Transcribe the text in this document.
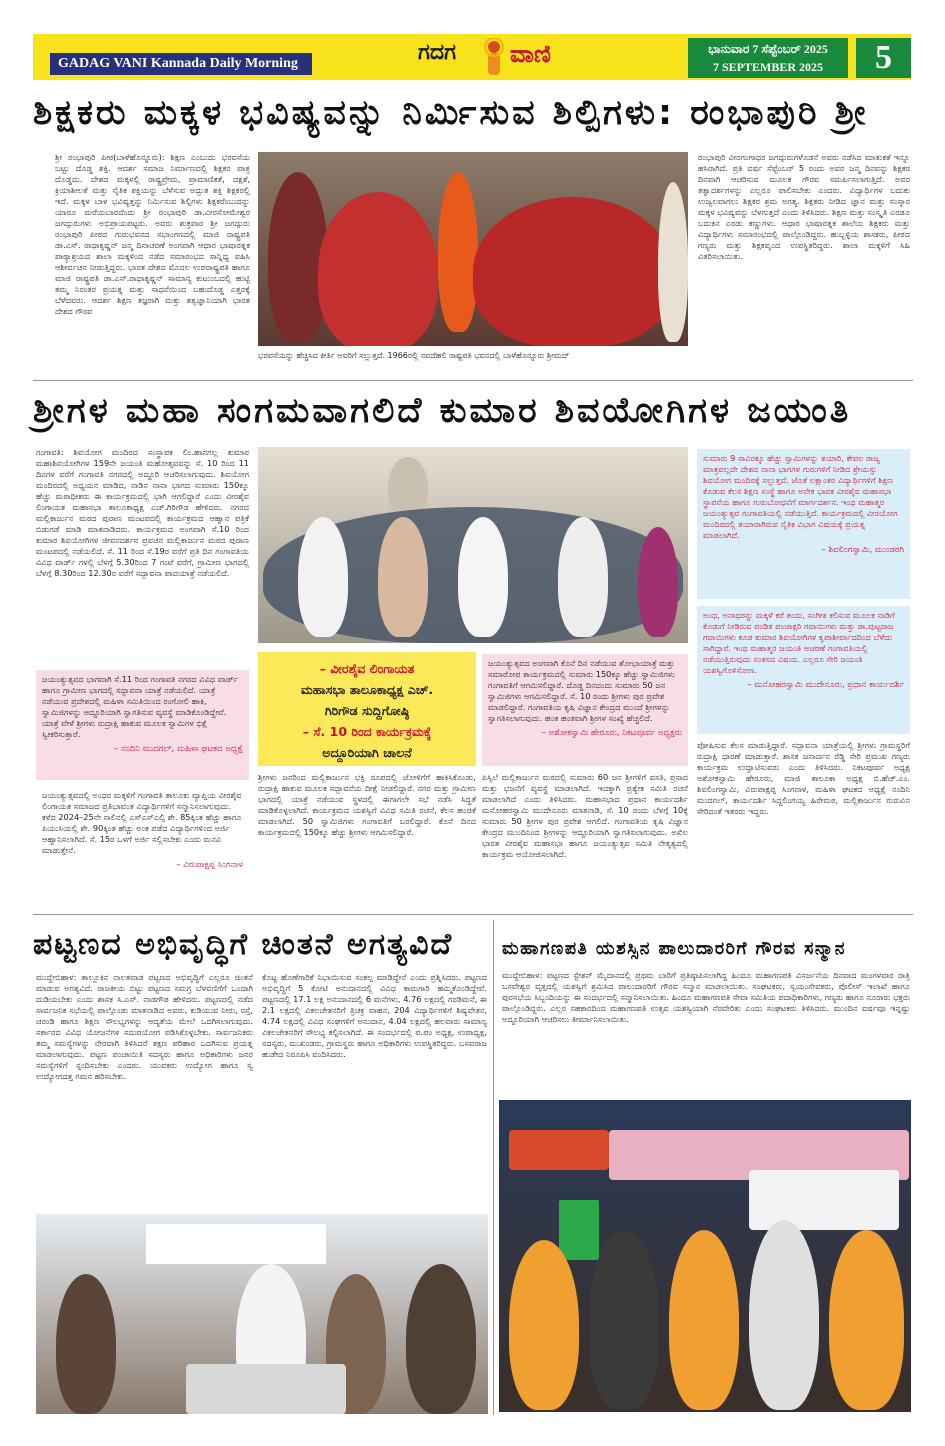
GADAG VANI Kannada Daily Morning	ಗದಗ ವಾಣಿ	ಭಾನುವಾರ 7 ಸೆಪ್ಟೆಂಬರ್ 2025
7 SEPTEMBER 2025	5
ಶಿಕ್ಷಕರು ಮಕ್ಕಳ ಭವಿಷ್ಯವನ್ನು ನಿರ್ಮಿಸುವ ಶಿಲ್ಪಿಗಳು: ರಂಭಾಪುರಿ ಶ್ರೀ
ಶ್ರೀ ರಂಭಾಪುರಿ ಪೀಠ(ಬಾಳೆಹೊನ್ನೂರು): ಶಿಕ್ಷಣ ಎಂಬುದು ಭರವಸೆಯ ಬಟ್ಟು ದೊಡ್ಡ ಶಕ್ತಿ. ಆದರ್ಶ ಸಮಾಜ ನಿರ್ಮಾಣದಲ್ಲಿ ಶಿಕ್ಷಕರ ಪಾತ್ರ ದೊಡ್ಡದು. ದೇಶದ ಮಕ್ಕಳಲ್ಲಿ ರಾಷ್ಟ್ರಪ್ರೇಮ, ಪ್ರಾಮಾಣಿಕತೆ, ದಕ್ಷತೆ, ಕ್ರಿಯಾಶೀಲತೆ ಮತ್ತು ನೈತಿಕ ಶಕ್ತಿಯನ್ನು ಬೆಳೆಸುವ ಅದ್ಭುತ ಶಕ್ತಿ ಶಿಕ್ಷಕರಲ್ಲಿ ಇದೆ. ಮಕ್ಕಳ ಬಾಳ ಭವಿಷ್ಯತ್ತನ್ನು ನಿರ್ಮಿಸುವ ಶಿಲ್ಪಿಗಳು ಶಿಕ್ಷಕರೆಂಬುದನ್ನು ಯಾರೂ ಮರೆಯಬಾರದೆಂದು ಶ್ರೀ ರಂಭಾಪುರಿ ಡಾ.ವೀರಸೋಮೇಶ್ವರ ಜಗದ್ಗುರುಗಳು ಅಭಿಪ್ರಾಯಪಟ್ಟರು. ಅವರು ಶುಕ್ರವಾರ ಶ್ರೀ ಜಗದ್ಗುರು ರಂಭಾಪುರಿ ಪೀಠದ ಗುರುಭವನದ ಸಭಾಂಗಣದಲ್ಲಿ ಮಾಜಿ ರಾಷ್ಟ್ರಪತಿ ಡಾ.ಎಸ್. ರಾಧಾಕೃಷ್ಣನ್ ಜನ್ಮ ದಿನಾಚರಣೆ ಅಂಗವಾಗಿ ಆಧಾರ ಭಾಷಾರತ್ನಕ ಪಾಠ್ಯಾಶ್ರಯದ ಶಾಲಾ ಮಕ್ಕಳಿಂದ ನಡೆದ ಸಮಾರಂಭದ ಸಾನ್ನಿಧ್ಯ ವಹಿಸಿ ಆಶೀರ್ವಚನ ನೀಡುತ್ತಿದ್ದರು. ಭಾರತ ದೇಶದ ಮೊದಲ ಉಪರಾಷ್ಟ್ರಪತಿ ಹಾಗೂ ಮಾಜಿ ರಾಷ್ಟ್ರಪತಿ ಡಾ.ಎಸ್.ರಾಧಾಕೃಷ್ಣನ್ ಸಾಮಾನ್ಯ ಕುಟುಂಬದಲ್ಲಿ ಹುಟ್ಟಿ ತಮ್ಮ ನಿರಂತರ ಪ್ರಯತ್ನ ಮತ್ತು ಸಾಧನೆಯಿಂದ ಬಹುದೊಡ್ಡ ಎತ್ತರಕ್ಕೆ ಬೆಳೆದವರು. ಆದರ್ಶ ಶಿಕ್ಷಣ ತಜ್ಞರಾಗಿ ಮತ್ತು ತತ್ವಜ್ಞಾನಿಯಾಗಿ ಭಾರತ ದೇಶದ ಗೌರವ
ಭರವಸೆಯನ್ನು ಹೆಚ್ಚಿಸಿದ ಕೀರ್ತಿ ಅವರಿಗೆ ಸಲ್ಲುತ್ತದೆ. 1966ರಲ್ಲಿ ನವದೆಹಲಿ ರಾಷ್ಟ್ರಪತಿ ಭವನದಲ್ಲಿ ಬಾಳೆಹೊನ್ನೂರು ಶ್ರೀಮದ್
ರಂಭಾಪುರಿ ವೀರಗಂಗಾಧರ ಜಗದ್ಗುರುಗಳೊಡನೆ ಅವರು ನಡೆಸಿದ ಮಾತುಕತೆ ಇನ್ನೂ ಹಸಿರಾಗಿದೆ. ಪ್ರತಿ ವರ್ಷ ಸೆಪ್ಟೆಂಬರ್ 5 ರಂದು ಅವರ ಜನ್ಮ ದಿನವನ್ನು ಶಿಕ್ಷಕರ ದಿನವಾಗಿ ಆಚರಿಸುವ ಮೂಲಕ ಗೌರವ ಸಮರ್ಪಿಸಲಾಗುತ್ತಿದೆ. ಅವರ ತತ್ವಾದರ್ಶಗಳನ್ನು ಎಲ್ಲರೂ ಪಾಲಿಸಬೇಕು ಎಂದರು. ವಿದ್ಯಾರ್ಥಿಗಳ ಬದುಕು ಉಜ್ವಲವಾಗಲು ಶಿಕ್ಷಕರ ಶ್ರಮ ಅಗತ್ಯ. ಶಿಕ್ಷಕರು ನೀಡಿದ ಜ್ಞಾನ ಮತ್ತು ಸಂಸ್ಕಾರ ಮಕ್ಕಳ ಭವಿಷ್ಯವನ್ನು ಬೆಳಗುತ್ತದೆ ಎಂದು ತಿಳಿಸಿದರು. ಶಿಕ್ಷಣ ಮತ್ತು ಸಂಸ್ಕೃತಿ ಎರಡೂ ಬದುಕಿನ ಎರಡು ಕಣ್ಣುಗಳು. ಆಧಾರ ಭಾಷಾರತ್ನಕ ಶಾಲೆಯ ಶಿಕ್ಷಕರು ಮತ್ತು ವಿದ್ಯಾರ್ಥಿಗಳು ಸಮಾರಂಭದಲ್ಲಿ ಪಾಲ್ಗೊಂಡಿದ್ದರು. ಹುಬ್ಬಳ್ಳಿಯ ಶಾಸಕರು, ಪೀಠದ ಗಣ್ಯರು ಮತ್ತು ಶಿಕ್ಷಕವೃಂದ ಉಪಸ್ಥಿತರಿದ್ದರು. ಶಾಲಾ ಮಕ್ಕಳಿಗೆ ಸಿಹಿ ವಿತರಿಸಲಾಯಿತು.
ಶ್ರೀಗಳ ಮಹಾ ಸಂಗಮವಾಗಲಿದೆ ಕುಮಾರ ಶಿವಯೋಗಿಗಳ ಜಯಂತಿ
ಗಂಗಾವತಿ: ಶಿವಯೋಗ ಮಂದಿರದ ಸಂಸ್ಥಾಪಕ ಲಿಂ.ಹಾನಗಲ್ಲ ಕುಮಾರ ಮಹಾಶಿವಯೋಗಿಗಳ 159ನೇ ಜಯಂತಿ ಮಹೋತ್ಸವವನ್ನು ಸೆ. 10 ರಿಂದ 11 ದಿನಗಳ ವರೆಗೆ ಗಂಗಾವತಿ ನಗರದಲ್ಲಿ ಅದ್ದೂರಿ ಆಚರಿಸಲಾಗುವುದು. ಶಿವಯೋಗ ಮಂದಿರದಲ್ಲಿ ಅಧ್ಯಯನ ಮಾಡಿದ, ನಾಡಿನ ನಾನಾ ಭಾಗದ ಸುಮಾರು 150ಕ್ಕೂ ಹೆಚ್ಚು ಮಠಾಧೀಶರು ಈ ಕಾರ್ಯಕ್ರಮದಲ್ಲಿ ಭಾಗಿ ಆಗಲಿದ್ದಾರೆ ಎಂದು ವೀರಶೈವ ಲಿಂಗಾಯತ ಮಹಾಸಭಾ ತಾಲೂಕಾಧ್ಯಕ್ಷ ಎಚ್.ಗಿರಿಗೌಡ ಹೇಳಿದರು. ನಗರದ ಮಲ್ಲಿಕಾರ್ಜುನ ಮಠದ ಪುರಾಣ ಮಂಟಪದಲ್ಲಿ ಕಾರ್ಯಕ್ರಮದ ಆಹ್ವಾನ ಪತ್ರಿಕೆ ಬಿಡುಗಡೆ ಮಾಡಿ ಮಾತನಾಡಿದರು. ಕಾರ್ಯಕ್ರಮದ ಅಂಗವಾಗಿ ಸೆ.10 ರಿಂದ ಕುಮಾರ ಶಿವಯೋಗಿಗಳ ಜೀವನದರ್ಶನ ಪ್ರವಚನ ಮಲ್ಲಿಕಾರ್ಜುನ ಮಠದ ಪುರಾಣ ಮಂಟಪದಲ್ಲಿ ನಡೆಯಲಿದೆ. ಸೆ. 11 ರಿಂದ ಸೆ.19ರ ವರೆಗೆ ಪ್ರತಿ ದಿನ ಗಂಗಾವತಿಯ ವಿವಿಧ ವಾರ್ಡ್ ಗಳಲ್ಲಿ ಬೆಳಗ್ಗೆ 5.30ರಿಂದ 7 ಗಂಟೆ ವರೆಗೆ, ಗ್ರಾಮೀಣ ಭಾಗದಲ್ಲಿ ಬೆಳಗ್ಗೆ 8.30ರಿಂದ 12.30ರ ವರೆಗೆ ಸದ್ಭಾವನಾ ಪಾದಯಾತ್ರೆ ನಡೆಯಲಿದೆ.
ಸುಮಾರು 9 ಸಾವಿರಕ್ಕೂ ಹೆಚ್ಚು ಸ್ವಾಮಿಗಳನ್ನು ತಯಾರಿ, ಕೇವಲ ರಾಜ್ಯ ಮಾತ್ರವಲ್ಲದೇ ದೇಶದ ನಾನಾ ಭಾಗಗಳ ಗುರುಗಳಿಗೆ ನೀಡಿದ ಶ್ರೇಯಸ್ಸು ಶಿವಯೋಗ ಮಂದಿರಕ್ಕೆ ಸಲ್ಲುತ್ತದೆ. ಜೊತೆ ಲಕ್ಷಾಂತರ ವಿದ್ಯಾರ್ಥಿಗಳಿಗೆ ಶಿಕ್ಷಣ ಕೊಡುವ ಕೆಲಸ ಶಿಕ್ಷಣ ಸಂಸ್ಥೆ ಹಾಗೂ ಅನೇಕ ಭಾರತ ವೀರಶೈವ ಮಹಾಸಭಾ ಸ್ಥಾಪನೆಯ ಹಾಗೂ ಗುರುಬೋಧನೆಗೆ ಮಾರ್ಗದರ್ಶನ. ಇಂಥ ಮಹಾತ್ಮರ ಜಯಂತ್ಯುತ್ಸವ ಗಂಗಾವತಿಯಲ್ಲಿ ನಡೆಯುತ್ತಿದೆ. ಕಾರ್ಯಕ್ರಮದಲ್ಲಿ ವೀರಯೋಗ ಮಂದಿರದಲ್ಲಿ ತಯಾರಾಗಿರುವ ನೈತಿಕ ವಿಭಾಗ ವಿಷಯಕ್ಕೆ ಪ್ರಯತ್ನ ಮಾಡಲಾಗಿದೆ.
– ಶಿವಲಿಂಗಸ್ವಾಮಿ, ಮುಂಡರಗಿ
ಅಂಧ, ಅನಾಥರನ್ನು ಮಕ್ಕಳೆ ಕರೆ ತಂದು, ಸಂಗೀತ ಕಲಿಸುವ ಮೂಲಕ ನಾಡಿಗೆ ಕೊಡುಗೆ ನೀಡಿರುವ ಪಂಡಿತ ಪಂಚಾಕ್ಷರಿ ಗವಾಯಿಗಳು ಮತ್ತು ಡಾ.ಪುಟ್ಟರಾಜ ಗವಾಯಿಗಳು ಕೂಡ ಕುಮಾರ ಶಿವಯೋಗಿಗಳ ಕೃಪಾಶೀರ್ವಾದದಿಂದ ಬೆಳೆದು ಸಾಗಿದ್ದಾರೆ. ಇಂಥ ಮಹಾತ್ಮರ ಜಯಂತಿ ಆಚರಣೆ ಗಂಗಾವತಿಯಲ್ಲಿ ನಡೆಯುತ್ತಿರುವುದು ಸಂತಸದ ವಿಷಯ. ಎಲ್ಲರೂ ಸೇರಿ ಜಯಂತಿ ಯಶಸ್ವಿಗೊಳಿಸೋಣ.
– ಮನೋಹರಸ್ವಾಮಿ ಮುದೇನೂರು, ಪ್ರಧಾನ ಕಾರ್ಯದರ್ಶಿ
ಜಯಂತ್ಯುತ್ಸವದ ಭಾಗವಾಗಿ ಸೆ.11 ರಿಂದ ಗಂಗಾವತಿ ನಗರದ ವಿವಿಧ ವಾರ್ಡ್ ಹಾಗೂ ಗ್ರಾಮೀಣ ಭಾಗದಲ್ಲಿ ಸದ್ಭಾವನಾ ಯಾತ್ರೆ ನಡೆಯಲಿದೆ. ಯಾತ್ರೆ ನಡೆಯುವ ಪ್ರದೇಶದಲ್ಲಿ ಮಹಿಳಾ ಸಮಿತಿಯಿಂದ ರಂಗೋಲಿ ಹಾಕಿ, ಸ್ವಾಮಿಜಿಗಳನ್ನು ಆದ್ದೂರಿಯಾಗಿ ಸ್ವಾಗತಿಸುವ ವ್ಯವಸ್ಥೆ ಮಾಡಿಕೊಂಡಿದ್ದೇವೆ. ಯಾತ್ರೆ ವೇಳೆ ಶ್ರೀಗಳು ರುದ್ರಾಕ್ಷಿ ಹಾಕುವ ಮೂಲಕ ಸ್ವಾಮಿಗಳ ಭಿಕ್ಷೆ ಸ್ವೀಕರಿಸುತ್ತಾರೆ.
– ನಂದಿನಿ ಮುದಗಲ್, ಮಹಿಳಾ ಘಟಕದ ಅಧ್ಯಕ್ಷೆ
ಜಯಂತ್ಯುತ್ಸವದಲ್ಲಿ ಅಂಧರ ಮಕ್ಕಳಿಗೆ ಗಂಗಾವತಿ ತಾಲೂಕು ವ್ಯಾಪ್ತಿಯ ವೀರಶೈವ ಲಿಂಗಾಯತ ಸಮಾಜದ ಪ್ರತಿಭಾವಂತ ವಿದ್ಯಾರ್ಥಿಗಳಿಗೆ ಸನ್ಮಾನಿಸಲಾಗುವುದು. ಕಳೆದ 2024–25ನೇ ಸಾಲಿನಲ್ಲಿ ಎಸ್ಎಸ್ಎಲ್ಸಿ ಶೇ. 85ಕ್ಕಿಂತ ಹೆಚ್ಚು ಹಾಗೂ ಪಿಯುಸಿಯಲ್ಲಿ ಶೇ. 90ಕ್ಕಿಂತ ಹೆಚ್ಚು ಅಂಕ ಪಡೆದ ವಿದ್ಯಾರ್ಥಿಗಳಿಂದ ಅರ್ಜಿ ಆಹ್ವಾನಿಸಲಾಗಿದೆ. ಸೆ. 15ರ ಒಳಗೆ ಅರ್ಜಿ ಸಲ್ಲಿಸಬೇಕು ಎಂದು ಮನವಿ ಮಾಡುತ್ತೇನೆ.
– ವಿರುಪಾಕ್ಷಪ್ಪ ಸಿಂಗನಾಳ
– ವೀರಶೈವ ಲಿಂಗಾಯತ
ಮಹಾಸಭಾ ತಾಲೂಕಾಧ್ಯಕ್ಷ ಎಚ್.
ಗಿರಿಗೌಡ ಸುದ್ದಿಗೋಷ್ಠಿ
– ಸೆ. 10 ರಿಂದ ಕಾರ್ಯಕ್ರಮಕ್ಕೆ
ಅದ್ದೂರಿಯಾಗಿ ಚಾಲನೆ
ಜಯಂತ್ಯುತ್ಸವದ ಅಂಗವಾಗಿ ಕೊನೆ ದಿನ ನಡೆಯುವ ಶೋಭಾಯಾತ್ರೆ ಮತ್ತು ಸಮಾರೋಪ ಕಾರ್ಯಕ್ರಮದಲ್ಲಿ ಸುಮಾರು 150ಕ್ಕೂ ಹೆಚ್ಚು ಸ್ವಾಮಿಜಿಗಳು ಗಂಗಾವತಿಗೆ ಆಗಮಿಸಲಿದ್ದಾರೆ. ದೊಡ್ಡ ದಿನದಂದು ಸುಮಾರು 50 ಜನ ಸ್ವಾಮಿಜಿಗಳು ಆಗಮಿಸಲಿದ್ದಾರೆ. ಸೆ. 10 ರಂದು ಶ್ರೀಗಳು ಪುರ ಪ್ರವೇಶ ಮಾಡಲಿದ್ದಾರೆ. ಗಂಗಾವತಿಯ ಕೃಷಿ ವಿಜ್ಞಾನ ಕೇಂದ್ರದ ಮುಂದೆ ಶ್ರೀಗಳನ್ನು ಸ್ವಾಗತಿಸಲಾಗುವುದು. ಹಂತ ಹಂತವಾಗಿ ಶ್ರೀಗಳ ಸಂಖ್ಯೆ ಹೆಚ್ಚಲಿದೆ.
– ಅಶೋಕಸ್ವಾಮಿ ಹೇರೂರು, ನಿಕಟಪೂರ್ವ ಅಧ್ಯಕ್ಷರು
ಶ್ರೀಗಳು ಜನರಿಂದ ಮಲ್ಲಿಕಾರ್ಜುನ ಭಕ್ತಿ ರೂಪದಲ್ಲಿ ಜೋಳಿಗೆಗೆ ಹಾಕಿಸಿಕೊಂಡು, ರುದ್ರಾಕ್ಷಿ ಹಾಕುವ ಮೂಲಕ ಸದ್ಭಾವನೆಯ ದೀಕ್ಷೆ ನೀಡಲಿದ್ದಾರೆ. ನಗರ ಮತ್ತು ಗ್ರಾಮೀಣ ಭಾಗದಲ್ಲಿ ಯಾತ್ರೆ ನಡೆಯುವ ಸ್ಥಳದಲ್ಲಿ ಈಗಾಗಲೇ ಸಭೆ ನಡೆಸಿ ಸಿದ್ಧತೆ ಮಾಡಿಕೊಳ್ಳಲಾಗಿದೆ. ಕಾರ್ಯಕ್ರಮದ ಯಶಸ್ವಿಗೆ ವಿವಿಧ ಸಮಿತಿ ರಚನೆ, ಕೆಲಸ ಹಂಚಿಕೆ ಮಾಡಲಾಗಿದೆ. 50 ಸ್ವಾಮಿಜಿಗಳು ಗಂಗಾವತಿಗೆ ಬರಲಿದ್ದಾರೆ. ಕೊನೆ ದಿನದ ಕಾರ್ಯಕ್ರಮದಲ್ಲಿ 150ಕ್ಕೂ ಹೆಚ್ಚು ಶ್ರೀಗಳು ಆಗಮಿಸಲಿದ್ದಾರೆ.
ಪಿಸ್ಸಿಲೆ ಮಲ್ಲಿಕಾರ್ಜುನ ಮಠದಲ್ಲಿ ಸುಮಾರು 60 ಜನ ಶ್ರೀಗಳಿಗೆ ವಸತಿ, ಪ್ರಸಾದ ಮತ್ತು ಭಜನೆಗೆ ವ್ಯವಸ್ಥೆ ಮಾಡಲಾಗಿದೆ. ಇದಕ್ಕಾಗಿ ಪ್ರತ್ಯೇಕ ಸಮಿತಿ ರಚನೆ ಮಾಡಲಾಗಿದೆ ಎಂದು ತಿಳಿಸಿದರು. ಮಹಾಸಭಾದ ಪ್ರಧಾನ ಕಾರ್ಯದರ್ಶಿ ಮನೋಹರಸ್ವಾಮಿ ಮುದೇನೂರು ಮಾತನಾಡಿ, ಸೆ. 10 ರಂದು ಬೆಳಗ್ಗೆ 10ಕ್ಕೆ ಸುಮಾರು 50 ಶ್ರೀಗಳ ಪುರ ಪ್ರವೇಶ ಆಗಲಿದೆ. ಗಂಗಾವತಿಯ ಕೃಷಿ ವಿಜ್ಞಾನ ಕೇಂದ್ರದ ಮುಂದಿನಿಂದ ಶ್ರೀಗಳನ್ನು ಆದ್ದೂರಿಯಾಗಿ ಸ್ವಾಗತಿಸಲಾಗುವುದು. ಅಖಿಲ ಭಾರತ ವೀರಶೈವ ಮಹಾಸಭಾ ಹಾಗೂ ಜಯಂತ್ಯುತ್ಸವ ಸಮಿತಿ ನೇತೃತ್ವದಲ್ಲಿ ಕಾರ್ಯಕ್ರಮ ಆಯೋಜಿಸಲಾಗಿದೆ.
ಪೋಷಿಸುವ ಕೆಲಸ ಮಾಡುತ್ತಿದ್ದಾರೆ. ಸದ್ಭಾವನಾ ಯಾತ್ರೆಯಲ್ಲಿ ಶ್ರೀಗಳು ಗ್ರಾಮಸ್ಥರಿಗೆ ರುದ್ರಾಕ್ಷಿ ಧಾರಣೆ ಮಾಡುತ್ತಾರೆ. ಶಾಸಕ ಜನಾರ್ದನ ರೆಡ್ಡಿ ಸೇರಿ ಪ್ರಮುಖ ಗಣ್ಯರು ಕಾರ್ಯಕ್ರಮ ಉದ್ಘಾಟಿಸುವರು ಎಂದು ತಿಳಿಸಿದರು. ನಿಕಟಪೂರ್ವ ಅಧ್ಯಕ್ಷ ಅಶೋಕಸ್ವಾಮಿ ಹೇರೂರು, ಮಾಜಿ ತಾಲೂಕಾ ಅಧ್ಯಕ್ಷ ಬಿ.ಹೆಚ್.ಎಂ. ಶಿವಲಿಂಗಸ್ವಾಮಿ, ವಿರುಪಾಕ್ಷಪ್ಪ ಸಿಂಗನಾಳ, ಮಹಿಳಾ ಘಟಕದ ಅಧ್ಯಕ್ಷೆ ನಂದಿನಿ ಮುದಗಲ್, ಕಾರ್ಯದರ್ಶಿ ಸಿದ್ದಲಿಂಗಯ್ಯ ಹಿರೇಮಠ, ಮಲ್ಲಿಕಾರ್ಜುನ ಗುರುವಿನ ಸೇರಿದಂತೆ ಇತರರು ಇದ್ದರು.
ಪಟ್ಟಣದ ಅಭಿವೃದ್ಧಿಗೆ ಚಿಂತನೆ ಅಗತ್ಯವಿದೆ
ಮುದ್ದೇಬಿಹಾಳ: ತಾಲ್ಲೂಕಿನ ನಾಲತವಾಡ ಪಟ್ಟಣದ ಅಭಿವೃದ್ಧಿಗೆ ಎಲ್ಲರೂ ಚಿಂತನೆ ಮಾಡುವ ಅಗತ್ಯವಿದೆ. ರಾಜಕೀಯ ಬಿಟ್ಟು ಪಟ್ಟಣದ ಸಮಗ್ರ ಬೆಳವಣಿಗೆಗೆ ಒಂದಾಗಿ ದುಡಿಯಬೇಕು ಎಂದು ಶಾಸಕ ಸಿ.ಎಸ್. ನಾಡಗೌಡ ಹೇಳಿದರು. ಪಟ್ಟಣದಲ್ಲಿ ನಡೆದ ಸಾರ್ವಜನಿಕ ಸಭೆಯಲ್ಲಿ ಪಾಲ್ಗೊಂಡು ಮಾತನಾಡಿದ ಅವರು, ಕುಡಿಯುವ ನೀರು, ರಸ್ತೆ, ಚರಂಡಿ ಹಾಗೂ ಶಿಕ್ಷಣ ಸೌಲಭ್ಯಗಳನ್ನು ಆದ್ಯತೆಯ ಮೇಲೆ ಒದಗಿಸಲಾಗುವುದು. ಸರ್ಕಾರದ ವಿವಿಧ ಯೋಜನೆಗಳ ಸದುಪಯೋಗ ಪಡಿಸಿಕೊಳ್ಳಬೇಕು. ಸಾರ್ವಜನಿಕರು ತಮ್ಮ ಸಮಸ್ಯೆಗಳನ್ನು ನೇರವಾಗಿ ತಿಳಿಸಿದರೆ ತಕ್ಷಣ ಪರಿಹಾರ ಒದಗಿಸುವ ಪ್ರಯತ್ನ ಮಾಡಲಾಗುವುದು. ಪಟ್ಟಣ ಪಂಚಾಯಿತಿ ಸದಸ್ಯರು ಹಾಗೂ ಅಧಿಕಾರಿಗಳು ಜನರ ಸಮಸ್ಯೆಗಳಿಗೆ ಸ್ಪಂದಿಸಬೇಕು ಎಂದರು. ಯುವಕರು ಉದ್ಯೋಗ ಹಾಗೂ ಸ್ವ ಉದ್ಯೋಗದತ್ತ ಗಮನ ಹರಿಸಬೇಕು.
ಕೊಟ್ಟ ಹೊಣೆಗಾರಿಕೆ ನಿಭಾಯಿಸುವ ಸಂಕಲ್ಪ ಮಾಡಿದ್ದೇನೆ ಎಂದು ಪ್ರಶ್ನಿಸಿದರು. ಪಟ್ಟಣದ ಅಭಿವೃದ್ಧಿಗೆ 5 ಕೋಟಿ ಅನುದಾನದಲ್ಲಿ ವಿವಿಧ ಕಾಮಗಾರಿ ಹಮ್ಮಿಕೊಂಡಿದ್ದೇವೆ. ಪಟ್ಟಣದಲ್ಲಿ 17.1 ಲಕ್ಷ ಅನುದಾನದಲ್ಲಿ 6 ಮನೆಗಳು, 4.76 ಲಕ್ಷದಲ್ಲಿ ಗರಡಿಮನೆ, ಈ 2.1 ಲಕ್ಷದಲ್ಲಿ ವಿಕಲಚೇತನರಿಗೆ ತ್ರಿಚಕ್ರ ವಾಹನ, 204 ವಿದ್ಯಾರ್ಥಿಗಳಿಗೆ ಶಿಷ್ಯವೇತನ, 4.74 ಲಕ್ಷದಲ್ಲಿ ವಿವಿಧ ಸಂಘಗಳಿಗೆ ಅನುದಾನ, 4.04 ಲಕ್ಷದಲ್ಲಿ ಹಲವಾರು ಸಾಮಾನ್ಯ ವಿಕಲಚೇತನರಿಗೆ ಸೌಲಭ್ಯ ಕಲ್ಪಿಸಲಾಗಿದೆ. ಈ ಸಂದರ್ಭದಲ್ಲಿ ಪ.ಪಂ ಅಧ್ಯಕ್ಷ, ಉಪಾಧ್ಯಕ್ಷ, ಸದಸ್ಯರು, ಮುಖಂಡರು, ಗ್ರಾಮಸ್ಥರು ಹಾಗೂ ಅಧಿಕಾರಿಗಳು ಉಪಸ್ಥಿತರಿದ್ದರು. ಬಸವರಾಜ ಹುಡೇದ ನಿರೂಪಿಸಿ ವಂದಿಸಿದರು.
ಮಹಾಗಣಪತಿ ಯಶಸ್ಸಿನ ಪಾಲುದಾರರಿಗೆ ಗೌರವ ಸನ್ಮಾನ
ಮುದ್ದೇಬಿಹಾಳ: ಪಟ್ಟಣದ ಸ್ಟೇಶನ್ ಮೈದಾನದಲ್ಲಿ ಪ್ರಥಮ ಬಾರಿಗೆ ಪ್ರತಿಷ್ಠಾಪಿಸಲಾಗಿದ್ದ ಹಿಂದೂ ಮಹಾಗಣಪತಿ ವಿಸರ್ಜನೆಯ ದಿನವಾದ ಮಂಗಳವಾರ ರಾತ್ರಿ ಬಸವೇಶ್ವರ ವೃತ್ತದಲ್ಲಿ ಯಶಸ್ವಿಗೆ ಶ್ರಮಿಸಿದ ಪಾಲುದಾರರಿಗೆ ಗೌರವ ಸನ್ಮಾನ ಮಾಡಲಾಯಿತು. ಸಂಘಟಕರು, ಸ್ವಯಂಸೇವಕರು, ಪೊಲೀಸ್ ಇಲಾಖೆ ಹಾಗೂ ಪುರಸಭೆಯ ಸಿಬ್ಬಂದಿಯನ್ನು ಈ ಸಂದರ್ಭದಲ್ಲಿ ಸನ್ಮಾನಿಸಲಾಯಿತು. ಹಿಂದೂ ಮಹಾಗಣಪತಿ ಸೇವಾ ಸಮಿತಿಯ ಪದಾಧಿಕಾರಿಗಳು, ಗಣ್ಯರು ಹಾಗೂ ನೂರಾರು ಭಕ್ತರು ಪಾಲ್ಗೊಂಡಿದ್ದರು. ಎಲ್ಲರ ಸಹಕಾರದಿಂದ ಮಹಾಗಣಪತಿ ಉತ್ಸವ ಯಶಸ್ವಿಯಾಗಿ ನೆರವೇರಿತು ಎಂದು ಸಂಘಟಕರು ತಿಳಿಸಿದರು. ಮುಂದಿನ ವರ್ಷವೂ ಇನ್ನಷ್ಟು ಅದ್ದೂರಿಯಾಗಿ ಆಚರಿಸಲು ತೀರ್ಮಾನಿಸಲಾಯಿತು.
